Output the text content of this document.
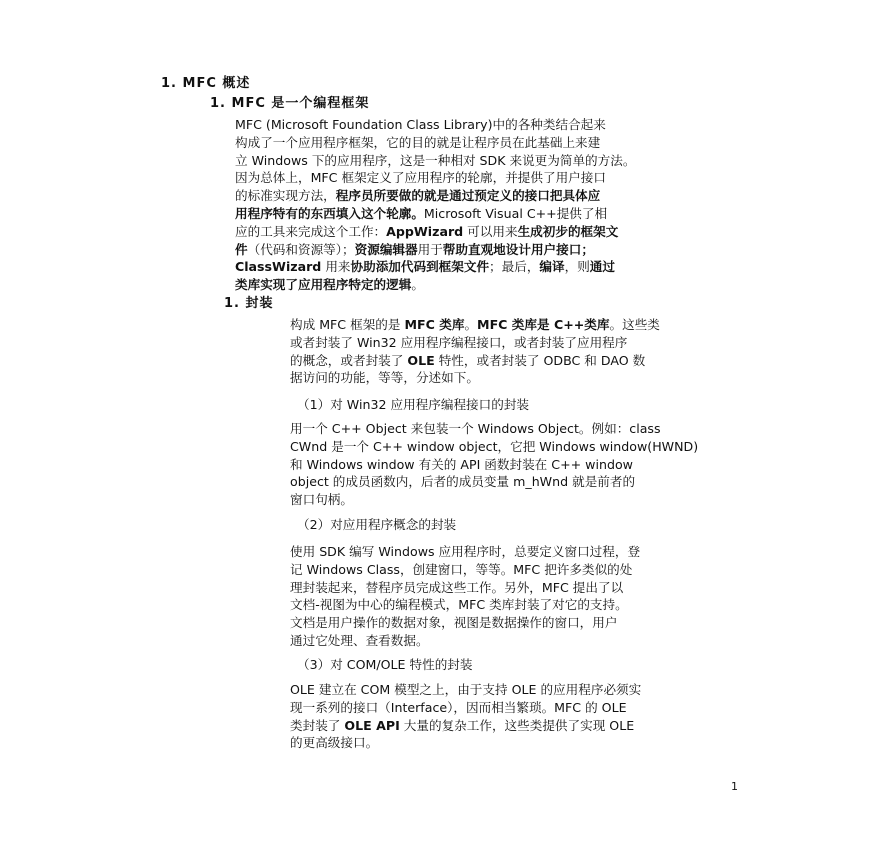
1. MFC 概述
1. MFC 是一个编程框架
MFC (Microsoft Foundation Class Library)中的各种类结合起来
构成了一个应用程序框架，它的目的就是让程序员在此基础上来建
立 Windows 下的应用程序，这是一种相对 SDK 来说更为简单的方法。
因为总体上，MFC 框架定义了应用程序的轮廓，并提供了用户接口
的标准实现方法，程序员所要做的就是通过预定义的接口把具体应
用程序特有的东西填入这个轮廓。Microsoft Visual C++提供了相
应的工具来完成这个工作：AppWizard 可以用来生成初步的框架文
件（代码和资源等）；资源编辑器用于帮助直观地设计用户接口；
ClassWizard 用来协助添加代码到框架文件；最后，编译，则通过
类库实现了应用程序特定的逻辑。
1. 封装
构成 MFC 框架的是 MFC 类库。MFC 类库是 C++类库。这些类
或者封装了 Win32 应用程序编程接口，或者封装了应用程序
的概念，或者封装了 OLE 特性，或者封装了 ODBC 和 DAO 数
据访问的功能，等等，分述如下。
（1）对 Win32 应用程序编程接口的封装
用一个 C++ Object 来包装一个 Windows Object。例如：class
CWnd 是一个 C++ window object，它把 Windows window(HWND)
和 Windows window 有关的 API 函数封装在 C++ window
object 的成员函数内，后者的成员变量 m_hWnd 就是前者的
窗口句柄。
（2）对应用程序概念的封装
使用 SDK 编写 Windows 应用程序时，总要定义窗口过程，登
记 Windows Class，创建窗口，等等。MFC 把许多类似的处
理封装起来，替程序员完成这些工作。另外，MFC 提出了以
文档-视图为中心的编程模式，MFC 类库封装了对它的支持。
文档是用户操作的数据对象，视图是数据操作的窗口，用户
通过它处理、查看数据。
（3）对 COM/OLE 特性的封装
OLE 建立在 COM 模型之上，由于支持 OLE 的应用程序必须实
现一系列的接口（Interface），因而相当繁琐。MFC 的 OLE
类封装了 OLE API 大量的复杂工作，这些类提供了实现 OLE
的更高级接口。
1
